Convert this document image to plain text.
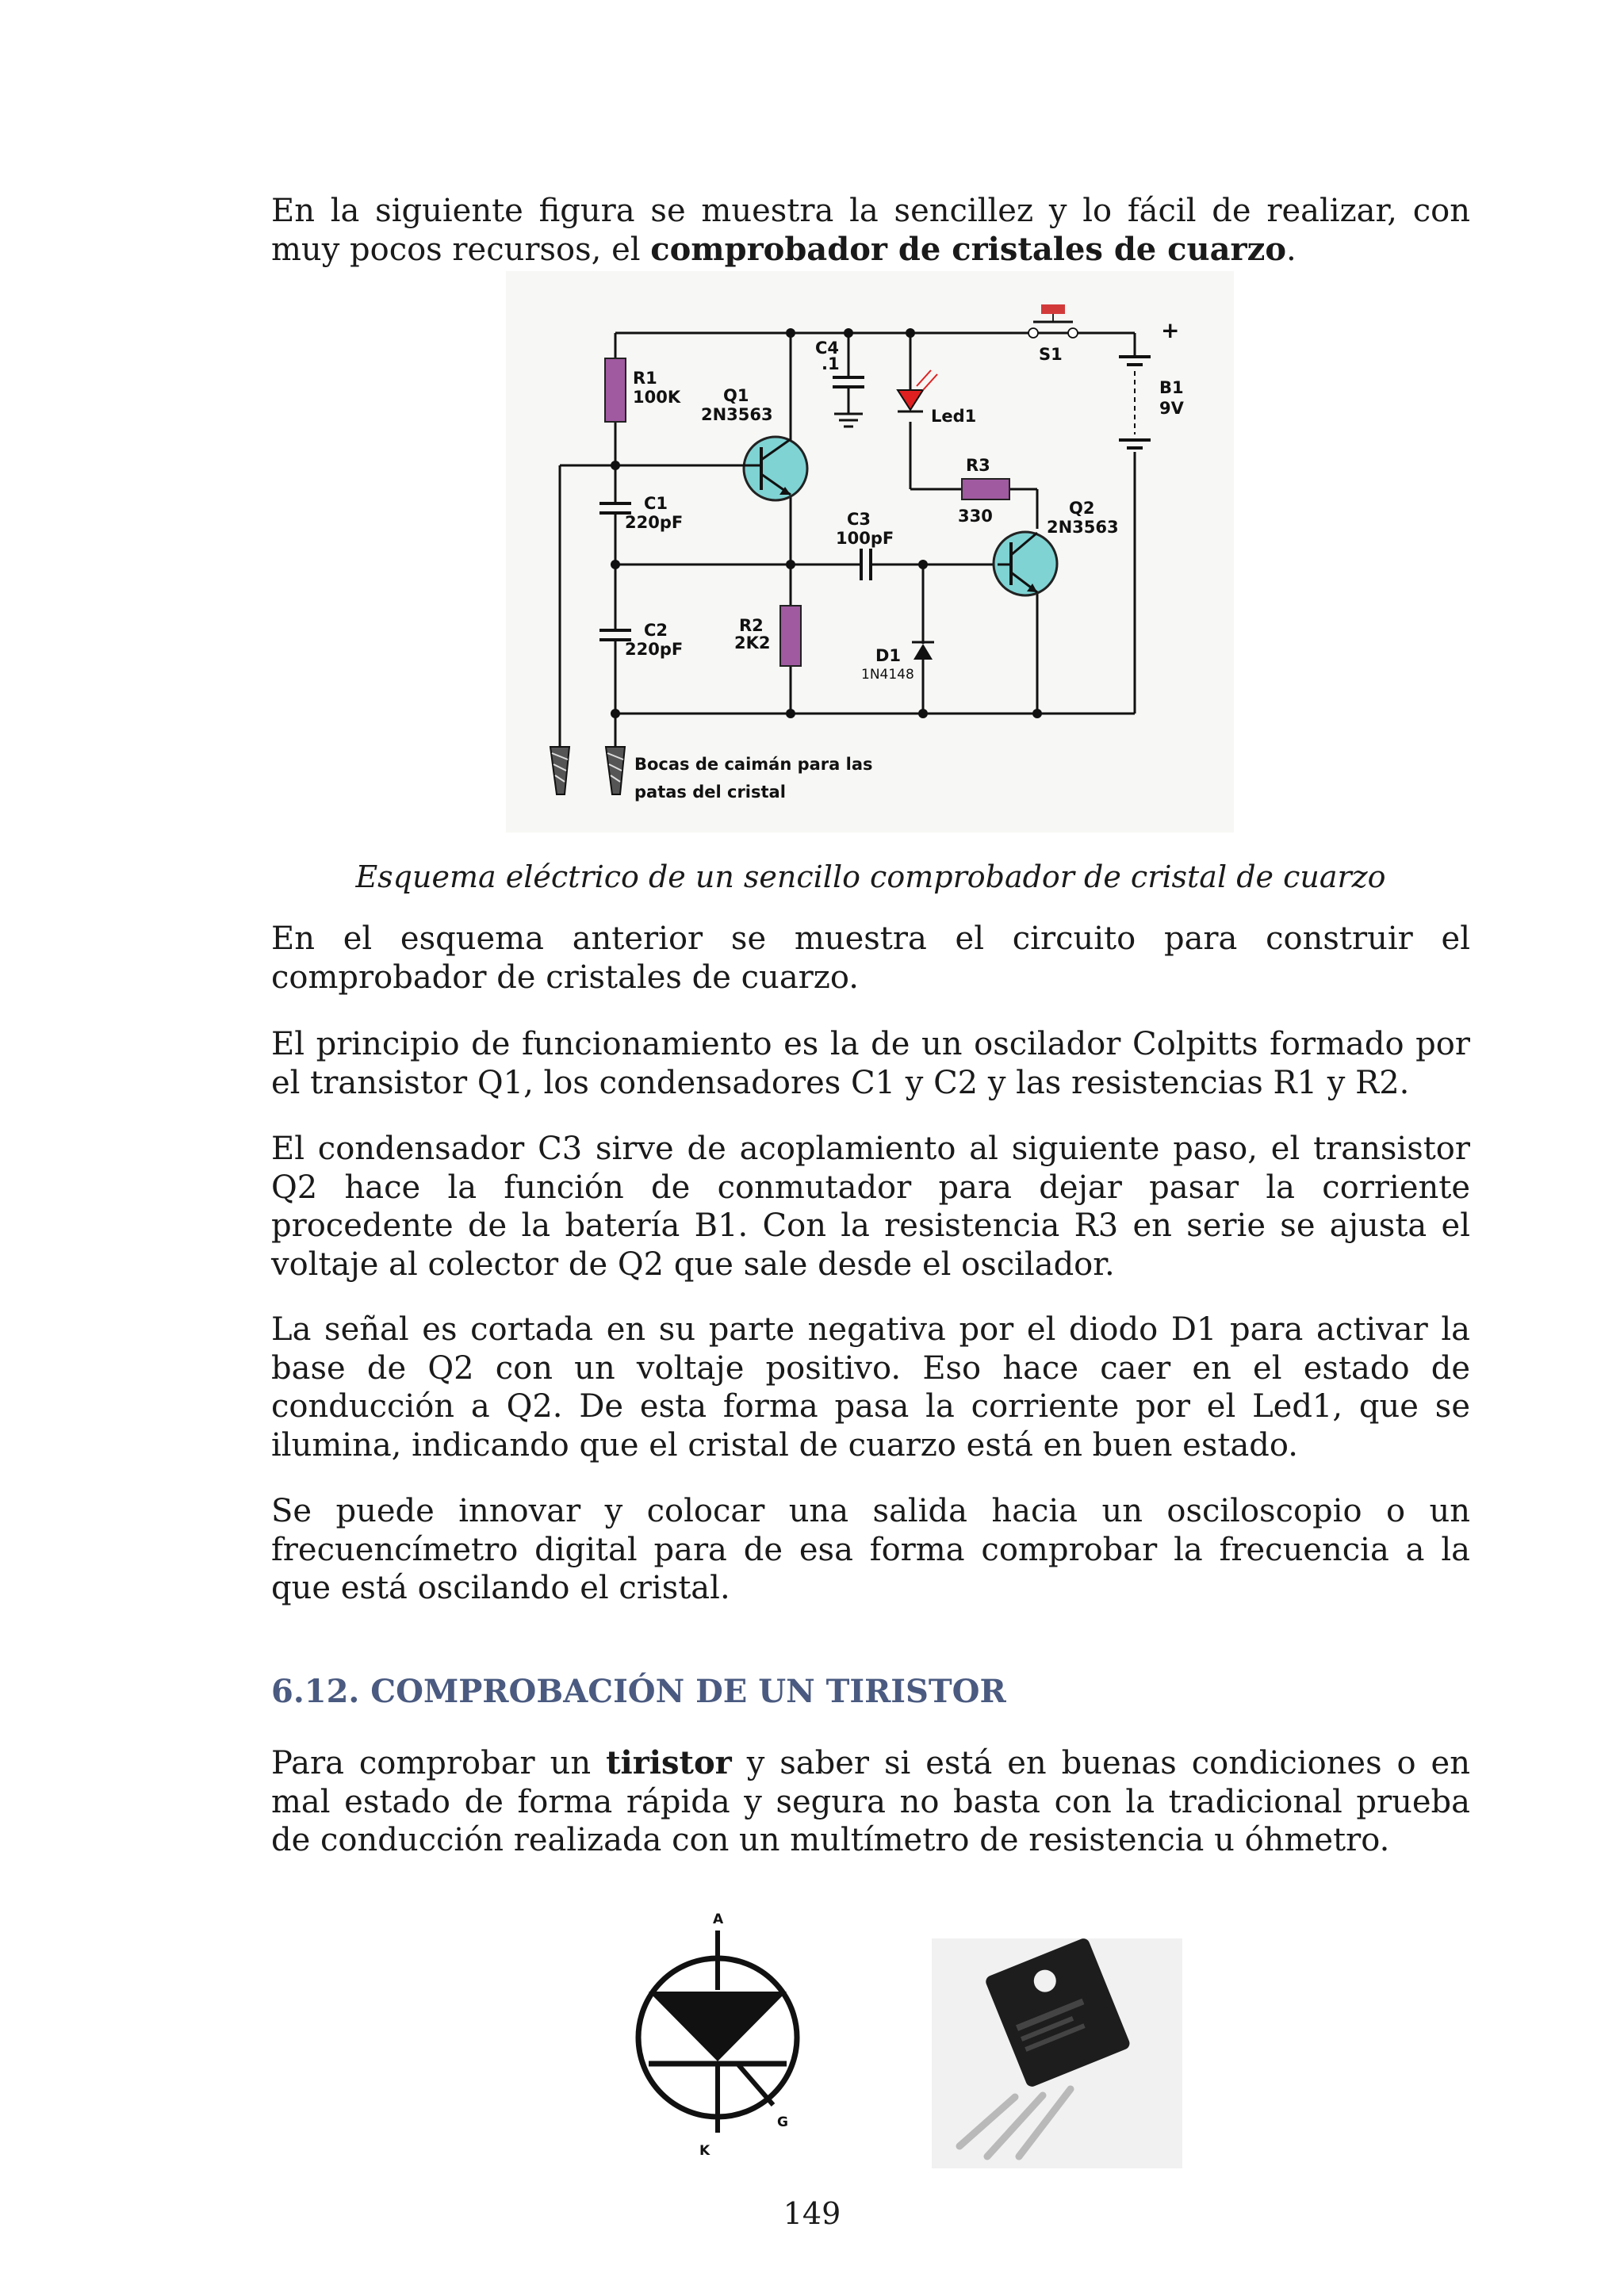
En la siguiente figura se muestra la sencillez y lo fácil de realizar, con muy pocos recursos, el comprobador de cristales de cuarzo.

R1
100K	Q1
2N3563
C4
.1	S1
+
B1
9V
Led1
R3
330	Q2
2N3563
C1
220pF	C3
100pF
C2
220pF
R2
2K2
D1
1N4148
Bocas de caimán para las
patas del cristal

Esquema eléctrico de un sencillo comprobador de cristal de cuarzo

En el esquema anterior se muestra el circuito para construir el comprobador de cristales de cuarzo.

El principio de funcionamiento es la de un oscilador Colpitts formado por el transistor Q1, los condensadores C1 y C2 y las resistencias R1 y R2.

El condensador C3 sirve de acoplamiento al siguiente paso, el transistor Q2 hace la función de conmutador para dejar pasar la corriente procedente de la batería B1. Con la resistencia R3 en serie se ajusta el voltaje al colector de Q2 que sale desde el oscilador.

La señal es cortada en su parte negativa por el diodo D1 para activar la base de Q2 con un voltaje positivo. Eso hace caer en el estado de conducción a Q2. De esta forma pasa la corriente por el Led1, que se ilumina, indicando que el cristal de cuarzo está en buen estado.

Se puede innovar y colocar una salida hacia un osciloscopio o un frecuencímetro digital para de esa forma comprobar la frecuencia a la que está oscilando el cristal.

6.12. COMPROBACIÓN DE UN TIRISTOR

Para comprobar un tiristor y saber si está en buenas condiciones o en mal estado de forma rápida y segura no basta con la tradicional prueba de conducción realizada con un multímetro de resistencia u óhmetro.

A
G
K
149
